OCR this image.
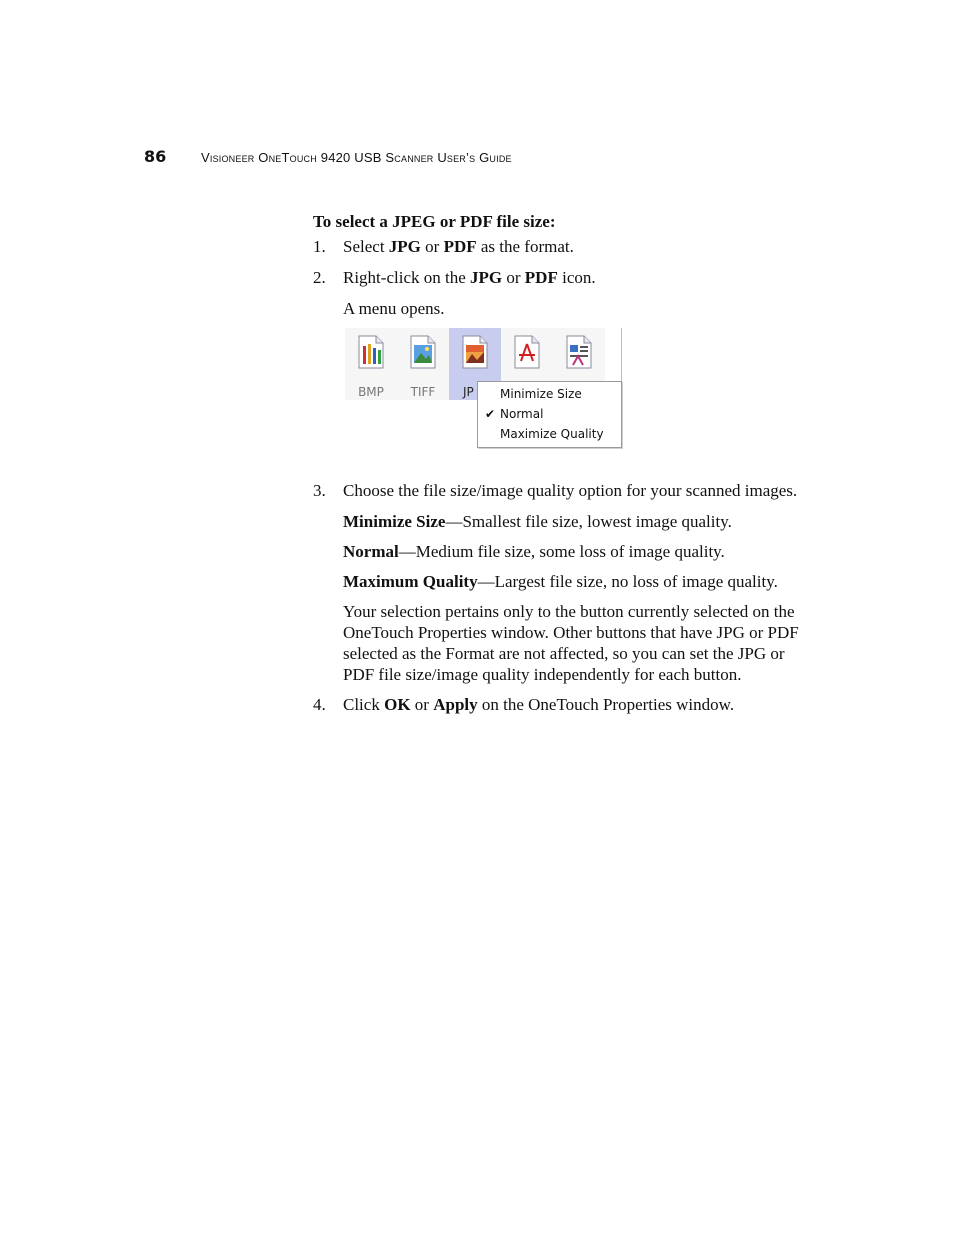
86	Visioneer OneTouch 9420 USB Scanner User’s Guide
To select a JPEG or PDF file size:
1. Select JPG or PDF as the format.
2. Right-click on the JPG or PDF icon.
A menu opens.
BMP	TIFF	JP	Minimize Size
✔ Normal
Maximize Quality
3. Choose the file size/image quality option for your scanned images.
Minimize Size—Smallest file size, lowest image quality.
Normal—Medium file size, some loss of image quality.
Maximum Quality—Largest file size, no loss of image quality.
Your selection pertains only to the button currently selected on the OneTouch Properties window. Other buttons that have JPG or PDF selected as the Format are not affected, so you can set the JPG or PDF file size/image quality independently for each button.
4. Click OK or Apply on the OneTouch Properties window.
